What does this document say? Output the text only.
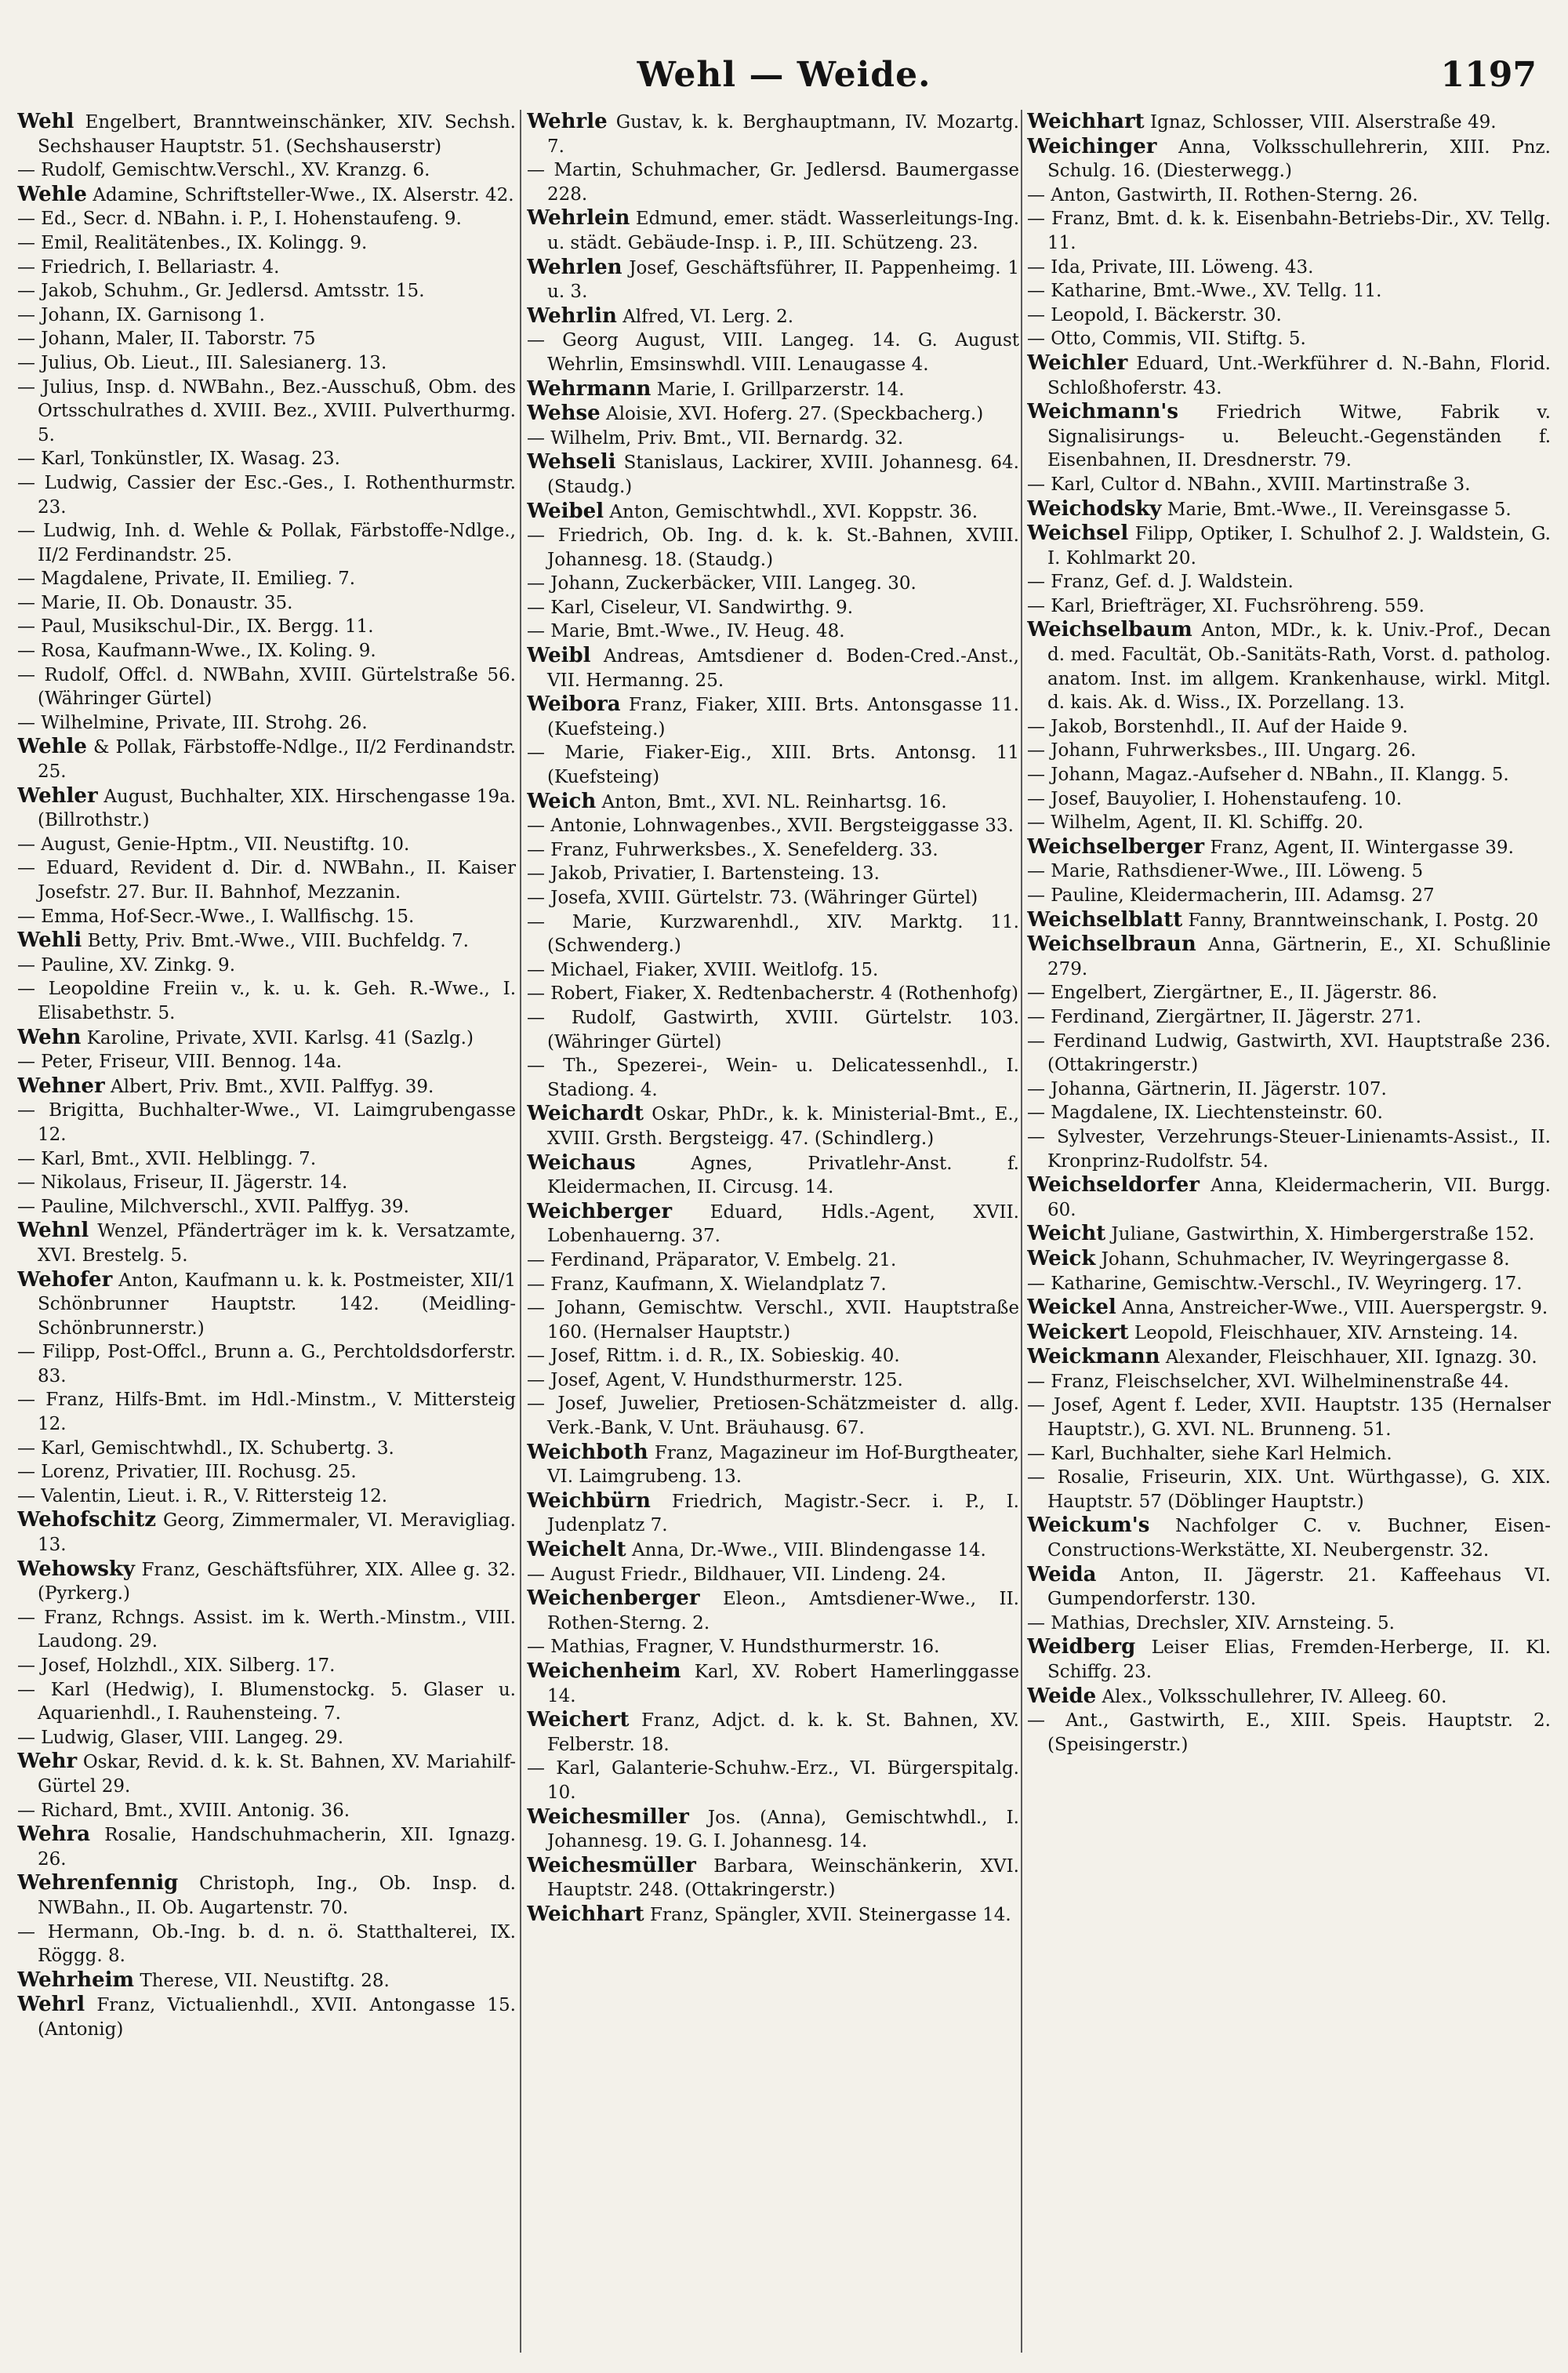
Wehl — Weide.	1197
Wehl Engelbert, Branntweinschänker, XIV. Sechsh. Sechshauser Hauptstr. 51. (Sechshauserstr)
— Rudolf, Gemischtw.Verschl., XV. Kranzg. 6.
Wehle Adamine, Schriftsteller-Wwe., IX. Alserstr. 42.
— Ed., Secr. d. NBahn. i. P., I. Hohenstaufeng. 9.
— Emil, Realitätenbes., IX. Kolingg. 9.
— Friedrich, I. Bellariastr. 4.
— Jakob, Schuhm., Gr. Jedlersd. Amtsstr. 15.
— Johann, IX. Garnisong 1.
— Johann, Maler, II. Taborstr. 75
— Julius, Ob. Lieut., III. Salesianerg. 13.
— Julius, Insp. d. NWBahn., Bez.-Ausschuß, Obm. des Ortsschulrathes d. XVIII. Bez., XVIII. Pulverthurmg. 5.
— Karl, Tonkünstler, IX. Wasag. 23.
— Ludwig, Cassier der Esc.-Ges., I. Rothenthurmstr. 23.
— Ludwig, Inh. d. Wehle & Pollak, Färbstoffe-Ndlge., II/2 Ferdinandstr. 25.
— Magdalene, Private, II. Emilieg. 7.
— Marie, II. Ob. Donaustr. 35.
— Paul, Musikschul-Dir., IX. Bergg. 11.
— Rosa, Kaufmann-Wwe., IX. Koling. 9.
— Rudolf, Offcl. d. NWBahn, XVIII. Gürtelstraße 56. (Währinger Gürtel)
— Wilhelmine, Private, III. Strohg. 26.
Wehle & Pollak, Färbstoffe-Ndlge., II/2 Ferdinandstr. 25.
Wehler August, Buchhalter, XIX. Hirschengasse 19a. (Billrothstr.)
— August, Genie-Hptm., VII. Neustiftg. 10.
— Eduard, Revident d. Dir. d. NWBahn., II. Kaiser Josefstr. 27. Bur. II. Bahnhof, Mezzanin.
— Emma, Hof-Secr.-Wwe., I. Wallfischg. 15.
Wehli Betty, Priv. Bmt.-Wwe., VIII. Buchfeldg. 7.
— Pauline, XV. Zinkg. 9.
— Leopoldine Freiin v., k. u. k. Geh. R.-Wwe., I. Elisabethstr. 5.
Wehn Karoline, Private, XVII. Karlsg. 41 (Sazlg.)
— Peter, Friseur, VIII. Bennog. 14a.
Wehner Albert, Priv. Bmt., XVII. Palffyg. 39.
— Brigitta, Buchhalter-Wwe., VI. Laimgrubengasse 12.
— Karl, Bmt., XVII. Helblingg. 7.
— Nikolaus, Friseur, II. Jägerstr. 14.
— Pauline, Milchverschl., XVII. Palffyg. 39.
Wehnl Wenzel, Pfänderträger im k. k. Versatzamte, XVI. Brestelg. 5.
Wehofer Anton, Kaufmann u. k. k. Postmeister, XII/1 Schönbrunner Hauptstr. 142. (Meidling-Schönbrunnerstr.)
— Filipp, Post-Offcl., Brunn a. G., Perchtoldsdorferstr. 83.
— Franz, Hilfs-Bmt. im Hdl.-Minstm., V. Mittersteig 12.
— Karl, Gemischtwhdl., IX. Schubertg. 3.
— Lorenz, Privatier, III. Rochusg. 25.
— Valentin, Lieut. i. R., V. Rittersteig 12.
Wehofschitz Georg, Zimmermaler, VI. Meravigliag. 13.
Wehowsky Franz, Geschäftsführer, XIX. Allee g. 32. (Pyrkerg.)
— Franz, Rchngs. Assist. im k. Werth.-Minstm., VIII. Laudong. 29.
— Josef, Holzhdl., XIX. Silberg. 17.
— Karl (Hedwig), I. Blumenstockg. 5. Glaser u. Aquarienhdl., I. Rauhensteing. 7.
— Ludwig, Glaser, VIII. Langeg. 29.
Wehr Oskar, Revid. d. k. k. St. Bahnen, XV. Mariahilf-Gürtel 29.
— Richard, Bmt., XVIII. Antonig. 36.
Wehra Rosalie, Handschuhmacherin, XII. Ignazg. 26.
Wehrenfennig Christoph, Ing., Ob. Insp. d. NWBahn., II. Ob. Augartenstr. 70.
— Hermann, Ob.-Ing. b. d. n. ö. Statthalterei, IX. Röggg. 8.
Wehrheim Therese, VII. Neustiftg. 28.
Wehrl Franz, Victualienhdl., XVII. Antongasse 15. (Antonig)
Wehrle Gustav, k. k. Berghauptmann, IV. Mozartg. 7.
— Martin, Schuhmacher, Gr. Jedlersd. Baumergasse 228.
Wehrlein Edmund, emer. städt. Wasserleitungs-Ing. u. städt. Gebäude-Insp. i. P., III. Schützeng. 23.
Wehrlen Josef, Geschäftsführer, II. Pappenheimg. 1 u. 3.
Wehrlin Alfred, VI. Lerg. 2.
— Georg August, VIII. Langeg. 14. G. August Wehrlin, Emsinswhdl. VIII. Lenaugasse 4.
Wehrmann Marie, I. Grillparzerstr. 14.
Wehse Aloisie, XVI. Hoferg. 27. (Speckbacherg.)
— Wilhelm, Priv. Bmt., VII. Bernardg. 32.
Wehseli Stanislaus, Lackirer, XVIII. Johannesg. 64. (Staudg.)
Weibel Anton, Gemischtwhdl., XVI. Koppstr. 36.
— Friedrich, Ob. Ing. d. k. k. St.-Bahnen, XVIII. Johannesg. 18. (Staudg.)
— Johann, Zuckerbäcker, VIII. Langeg. 30.
— Karl, Ciseleur, VI. Sandwirthg. 9.
— Marie, Bmt.-Wwe., IV. Heug. 48.
Weibl Andreas, Amtsdiener d. Boden-Cred.-Anst., VII. Hermanng. 25.
Weibora Franz, Fiaker, XIII. Brts. Antonsgasse 11. (Kuefsteing.)
— Marie, Fiaker-Eig., XIII. Brts. Antonsg. 11 (Kuefsteing)
Weich Anton, Bmt., XVI. NL. Reinhartsg. 16.
— Antonie, Lohnwagenbes., XVII. Bergsteiggasse 33.
— Franz, Fuhrwerksbes., X. Senefelderg. 33.
— Jakob, Privatier, I. Bartensteing. 13.
— Josefa, XVIII. Gürtelstr. 73. (Währinger Gürtel)
— Marie, Kurzwarenhdl., XIV. Marktg. 11. (Schwenderg.)
— Michael, Fiaker, XVIII. Weitlofg. 15.
— Robert, Fiaker, X. Redtenbacherstr. 4 (Rothenhofg)
— Rudolf, Gastwirth, XVIII. Gürtelstr. 103. (Währinger Gürtel)
— Th., Spezerei-, Wein- u. Delicatessenhdl., I. Stadiong. 4.
Weichardt Oskar, PhDr., k. k. Ministerial-Bmt., E., XVIII. Grsth. Bergsteigg. 47. (Schindlerg.)
Weichaus Agnes, Privatlehr-Anst. f. Kleidermachen, II. Circusg. 14.
Weichberger Eduard, Hdls.-Agent, XVII. Lobenhauerng. 37.
— Ferdinand, Präparator, V. Embelg. 21.
— Franz, Kaufmann, X. Wielandplatz 7.
— Johann, Gemischtw. Verschl., XVII. Hauptstraße 160. (Hernalser Hauptstr.)
— Josef, Rittm. i. d. R., IX. Sobieskig. 40.
— Josef, Agent, V. Hundsthurmerstr. 125.
— Josef, Juwelier, Pretiosen-Schätzmeister d. allg. Verk.-Bank, V. Unt. Bräuhausg. 67.
Weichboth Franz, Magazineur im Hof-Burgtheater, VI. Laimgrubeng. 13.
Weichbürn Friedrich, Magistr.-Secr. i. P., I. Judenplatz 7.
Weichelt Anna, Dr.-Wwe., VIII. Blindengasse 14.
— August Friedr., Bildhauer, VII. Lindeng. 24.
Weichenberger Eleon., Amtsdiener-Wwe., II. Rothen-Sterng. 2.
— Mathias, Fragner, V. Hundsthurmerstr. 16.
Weichenheim Karl, XV. Robert Hamerlinggasse 14.
Weichert Franz, Adjct. d. k. k. St. Bahnen, XV. Felberstr. 18.
— Karl, Galanterie-Schuhw.-Erz., VI. Bürgerspitalg. 10.
Weichesmiller Jos. (Anna), Gemischtwhdl., I. Johannesg. 19. G. I. Johannesg. 14.
Weichesmüller Barbara, Weinschänkerin, XVI. Hauptstr. 248. (Ottakringerstr.)
Weichhart Franz, Spängler, XVII. Steinergasse 14.
Weichhart Ignaz, Schlosser, VIII. Alserstraße 49.
Weichinger Anna, Volksschullehrerin, XIII. Pnz. Schulg. 16. (Diesterwegg.)
— Anton, Gastwirth, II. Rothen-Sterng. 26.
— Franz, Bmt. d. k. k. Eisenbahn-Betriebs-Dir., XV. Tellg. 11.
— Ida, Private, III. Löweng. 43.
— Katharine, Bmt.-Wwe., XV. Tellg. 11.
— Leopold, I. Bäckerstr. 30.
— Otto, Commis, VII. Stiftg. 5.
Weichler Eduard, Unt.-Werkführer d. N.-Bahn, Florid. Schloßhoferstr. 43.
Weichmann's Friedrich Witwe, Fabrik v. Signalisirungs- u. Beleucht.-Gegenständen f. Eisenbahnen, II. Dresdnerstr. 79.
— Karl, Cultor d. NBahn., XVIII. Martinstraße 3.
Weichodsky Marie, Bmt.-Wwe., II. Vereinsgasse 5.
Weichsel Filipp, Optiker, I. Schulhof 2. J. Waldstein, G. I. Kohlmarkt 20.
— Franz, Gef. d. J. Waldstein.
— Karl, Briefträger, XI. Fuchsröhreng. 559.
Weichselbaum Anton, MDr., k. k. Univ.-Prof., Decan d. med. Facultät, Ob.-Sanitäts-Rath, Vorst. d. patholog. anatom. Inst. im allgem. Krankenhause, wirkl. Mitgl. d. kais. Ak. d. Wiss., IX. Porzellang. 13.
— Jakob, Borstenhdl., II. Auf der Haide 9.
— Johann, Fuhrwerksbes., III. Ungarg. 26.
— Johann, Magaz.-Aufseher d. NBahn., II. Klangg. 5.
— Josef, Bauyolier, I. Hohenstaufeng. 10.
— Wilhelm, Agent, II. Kl. Schiffg. 20.
Weichselberger Franz, Agent, II. Wintergasse 39.
— Marie, Rathsdiener-Wwe., III. Löweng. 5
— Pauline, Kleidermacherin, III. Adamsg. 27
Weichselblatt Fanny, Branntweinschank, I. Postg. 20
Weichselbraun Anna, Gärtnerin, E., XI. Schußlinie 279.
— Engelbert, Ziergärtner, E., II. Jägerstr. 86.
— Ferdinand, Ziergärtner, II. Jägerstr. 271.
— Ferdinand Ludwig, Gastwirth, XVI. Hauptstraße 236. (Ottakringerstr.)
— Johanna, Gärtnerin, II. Jägerstr. 107.
— Magdalene, IX. Liechtensteinstr. 60.
— Sylvester, Verzehrungs-Steuer-Linienamts-Assist., II. Kronprinz-Rudolfstr. 54.
Weichseldorfer Anna, Kleidermacherin, VII. Burgg. 60.
Weicht Juliane, Gastwirthin, X. Himbergerstraße 152.
Weick Johann, Schuhmacher, IV. Weyringergasse 8.
— Katharine, Gemischtw.-Verschl., IV. Weyringerg. 17.
Weickel Anna, Anstreicher-Wwe., VIII. Auerspergstr. 9.
Weickert Leopold, Fleischhauer, XIV. Arnsteing. 14.
Weickmann Alexander, Fleischhauer, XII. Ignazg. 30.
— Franz, Fleischselcher, XVI. Wilhelminenstraße 44.
— Josef, Agent f. Leder, XVII. Hauptstr. 135 (Hernalser Hauptstr.), G. XVI. NL. Brunneng. 51.
— Karl, Buchhalter, siehe Karl Helmich.
— Rosalie, Friseurin, XIX. Unt. Würthgasse), G. XIX. Hauptstr. 57 (Döblinger Hauptstr.)
Weickum's Nachfolger C. v. Buchner, Eisen-Constructions-Werkstätte, XI. Neubergenstr. 32.
Weida Anton, II. Jägerstr. 21. Kaffeehaus VI. Gumpendorferstr. 130.
— Mathias, Drechsler, XIV. Arnsteing. 5.
Weidberg Leiser Elias, Fremden-Herberge, II. Kl. Schiffg. 23.
Weide Alex., Volksschullehrer, IV. Alleeg. 60.
— Ant., Gastwirth, E., XIII. Speis. Hauptstr. 2. (Speisingerstr.)
